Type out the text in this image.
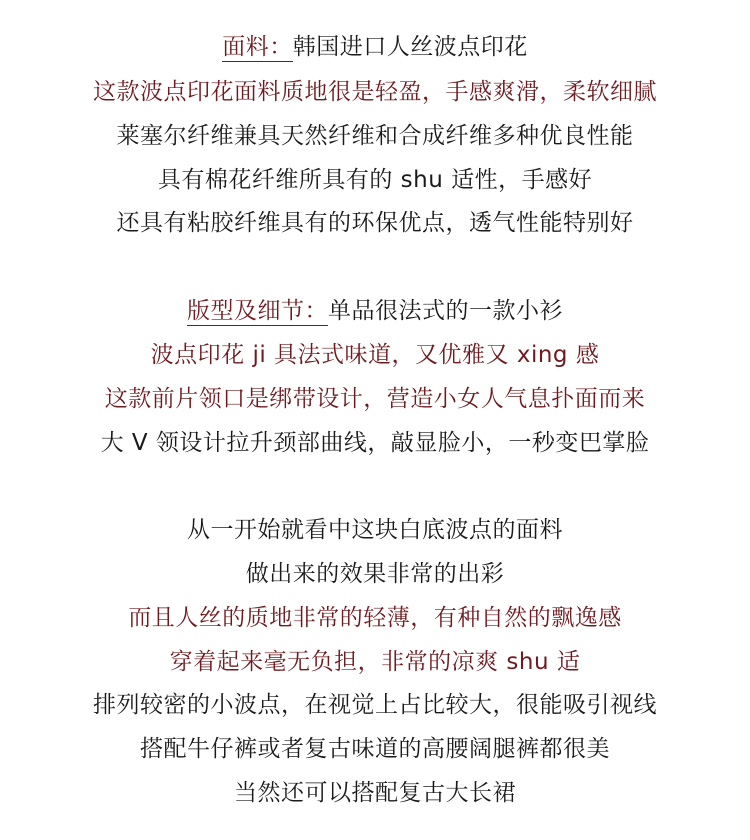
面料：韩国进口人丝波点印花
这款波点印花面料质地很是轻盈，手感爽滑，柔软细腻
莱塞尔纤维兼具天然纤维和合成纤维多种优良性能
具有棉花纤维所具有的 shu 适性，手感好
还具有粘胶纤维具有的环保优点，透气性能特别好
版型及细节：单品很法式的一款小衫
波点印花 ji 具法式味道，又优雅又 xing 感
这款前片领口是绑带设计，营造小女人气息扑面而来
大 V 领设计拉升颈部曲线，敲显脸小，一秒变巴掌脸
从一开始就看中这块白底波点的面料
做出来的效果非常的出彩
而且人丝的质地非常的轻薄，有种自然的飘逸感
穿着起来毫无负担，非常的凉爽 shu 适
排列较密的小波点，在视觉上占比较大，很能吸引视线
搭配牛仔裤或者复古味道的高腰阔腿裤都很美
当然还可以搭配复古大长裙
